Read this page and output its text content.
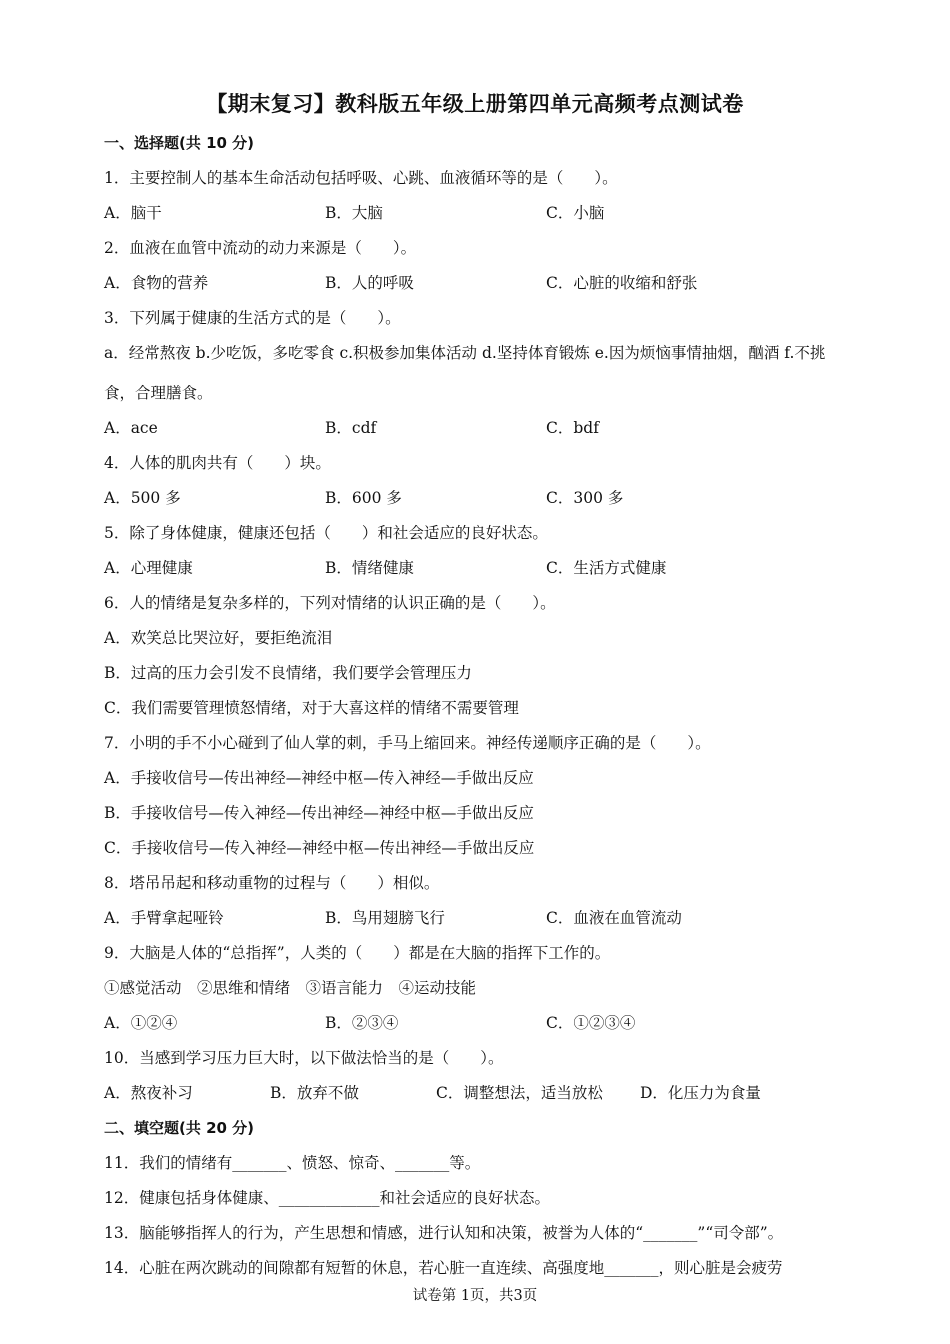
【期末复习】教科版五年级上册第四单元高频考点测试卷
一、选择题(共 10 分)
1．主要控制人的基本生命活动包括呼吸、心跳、血液循环等的是（　　）。
A．脑干	B．大脑	C．小脑
2．血液在血管中流动的动力来源是（　　）。
A．食物的营养	B．人的呼吸	C．心脏的收缩和舒张
3．下列属于健康的生活方式的是（　　）。
a．经常熬夜 b.少吃饭，多吃零食 c.积极参加集体活动 d.坚持体育锻炼 e.因为烦恼事情抽烟，酗酒 f.不挑食，合理膳食。
A．ace	B．cdf	C．bdf
4．人体的肌肉共有（　　）块。
A．500 多	B．600 多	C．300 多
5．除了身体健康，健康还包括（　　）和社会适应的良好状态。
A．心理健康	B．情绪健康	C．生活方式健康
6．人的情绪是复杂多样的，下列对情绪的认识正确的是（　　）。
A．欢笑总比哭泣好，要拒绝流泪
B．过高的压力会引发不良情绪，我们要学会管理压力
C．我们需要管理愤怒情绪，对于大喜这样的情绪不需要管理
7．小明的手不小心碰到了仙人掌的刺，手马上缩回来。神经传递顺序正确的是（　　）。
A．手接收信号—传出神经—神经中枢—传入神经—手做出反应
B．手接收信号—传入神经—传出神经—神经中枢—手做出反应
C．手接收信号—传入神经—神经中枢—传出神经—手做出反应
8．塔吊吊起和移动重物的过程与（　　）相似。
A．手臂拿起哑铃	B．鸟用翅膀飞行	C．血液在血管流动
9．大脑是人体的“总指挥”，人类的（　　）都是在大脑的指挥下工作的。
①感觉活动　②思维和情绪　③语言能力　④运动技能
A．①②④	B．②③④	C．①②③④
10．当感到学习压力巨大时，以下做法恰当的是（　　）。
A．熬夜补习	B．放弃不做	C．调整想法，适当放松 D．化压力为食量
二、填空题(共 20 分)
11．我们的情绪有_______、愤怒、惊奇、_______等。
12．健康包括身体健康、_____________和社会适应的良好状态。
13．脑能够指挥人的行为，产生思想和情感，进行认知和决策，被誉为人体的“_______”“司令部”。
14．心脏在两次跳动的间隙都有短暂的休息，若心脏一直连续、高强度地_______，则心脏是会疲劳
试卷第 1页，共3页
